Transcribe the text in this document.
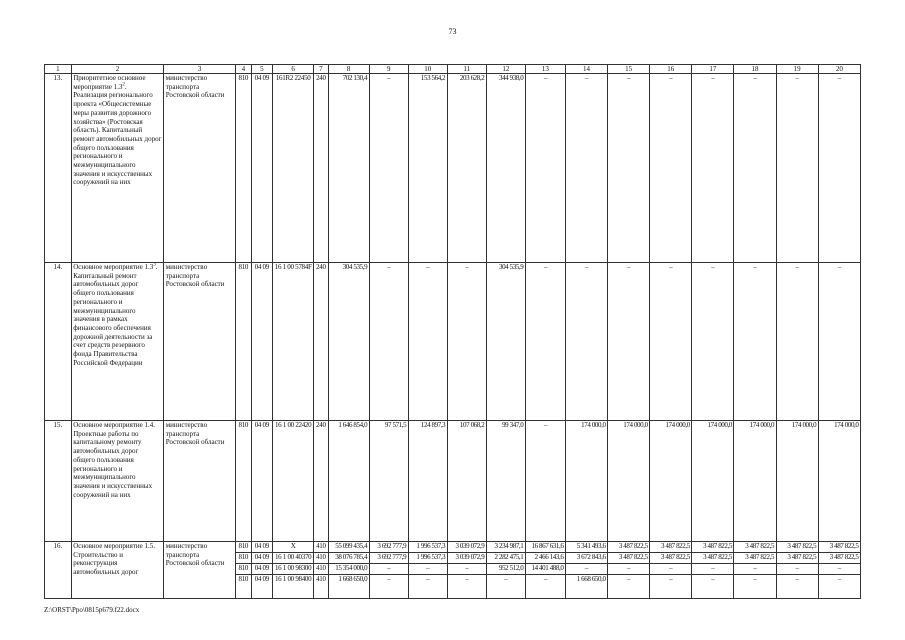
73
1	2	3	4	5	6	7	8	9	10	11	12	13	14	15	16	17	18	19	20
13.	Приоритетное основное мероприятие $1.3^2$. Реализация регионального проекта «Общесистемные меры развития дорожного хозяйства» (Ростовская область). Капитальный ремонт автомобильных дорог общего пользования регионального и межмуниципального значения и искусственных сооружений на них	министерство транспорта Ростовской области	810	04 09	161R2 22450	240	702 130,4	–	153 564,2	203 628,2	344 938,0	–	–	–	–	–	–	–	–
14.	Основное мероприятие $1.3^3$. Капитальный ремонт автомобильных дорог общего пользования регионального и межмуниципального значения в рамках финансового обеспечения дорожной деятельности за счет средств резервного фонда Правительства Российской Федерации	министерство транспорта Ростовской области	810	04 09	16 1 00 5784F	240	304 535,9	–	–	–	304 535,9	–	–	–	–	–	–	–	–
15.	Основное мероприятие 1.4. Проектные работы по капитальному ремонту автомобильных дорог общего пользования регионального и межмуниципального значения и искусственных сооружений на них	министерство транспорта Ростовской области	810	04 09	16 1 00 22420	240	1 646 854,0	97 571,5	124 897,3	107 068,2	99 347,0	–	174 000,0	174 000,0	174 000,0	174 000,0	174 000,0	174 000,0	174 000,0
16.	Основное мероприятие 1.5. Строительство и реконструкция автомобильных дорог	министерство транспорта Ростовской области	810	04 09	X	410	55 099 435,4	3 692 777,9	1 996 537,3	3 039 072,9	3 234 987,1	16 867 631,6	5 341 493,6	3 487 822,5	3 487 822,5	3 487 822,5	3 487 822,5	3 487 822,5	3 487 822,5
			810	04 09	16 1 00 40370	410	38 076 785,4	3 692 777,9	1 996 537,3	3 039 072,9	2 282 475,1	2 466 143,6	3 672 843,6	3 487 822,5	3 487 822,5	3 487 822,5	3 487 822,5	3 487 822,5	3 487 822,5
			810	04 09	16 1 00 98300	410	15 354 000,0	–	–	–	952 512,0	14 401 488,0	–	–	–	–	–	–	–
			810	04 09	16 1 00 98400	410	1 668 650,0	–	–	–	–	–	1 668 650,0	–	–	–	–	–	–
Z:\ORST\Ppo\0815p679.f22.docx
